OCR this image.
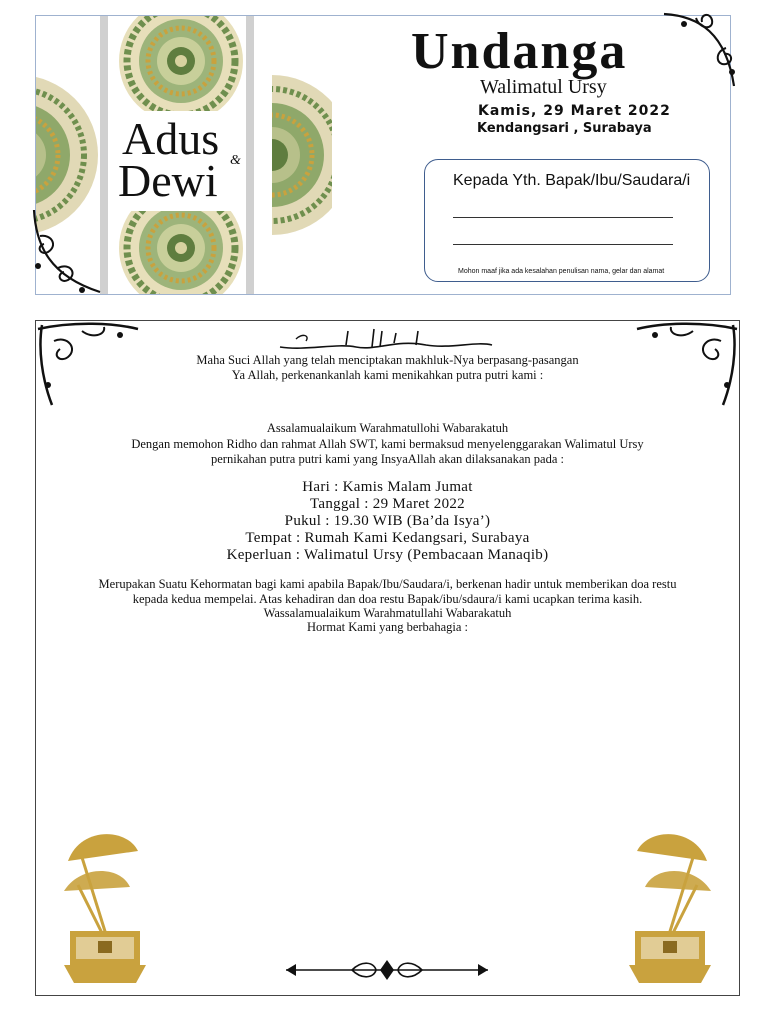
Adus &
Dewi
Undanga
Walimatul Ursy
Kamis, 29 Maret 2022
Kendangsari , Surabaya
Kepada Yth. Bapak/Ibu/Saudara/i
Mohon maaf jika ada kesalahan penulisan nama, gelar dan alamat
Maha Suci Allah yang telah menciptakan makhluk-Nya berpasang-pasangan
Ya Allah, perkenankanlah kami menikahkan putra putri kami :
Assalamualaikum Warahmatullohi Wabarakatuh
Dengan memohon Ridho dan rahmat Allah SWT, kami bermaksud menyelenggarakan Walimatul Ursy
pernikahan putra putri kami yang InsyaAllah akan dilaksanakan pada :
Hari : Kamis Malam Jumat
Tanggal : 29 Maret 2022
Pukul : 19.30 WIB (Ba’da Isya’)
Tempat : Rumah Kami Kedangsari, Surabaya
Keperluan : Walimatul Ursy (Pembacaan Manaqib)
Merupakan Suatu Kehormatan bagi kami apabila Bapak/Ibu/Saudara/i, berkenan hadir untuk memberikan doa restu
kepada kedua mempelai. Atas kehadiran dan doa restu Bapak/ibu/sdaura/i kami ucapkan terima kasih.
Wassalamualaikum Warahmatullahi Wabarakatuh
Hormat Kami yang berbahagia :
